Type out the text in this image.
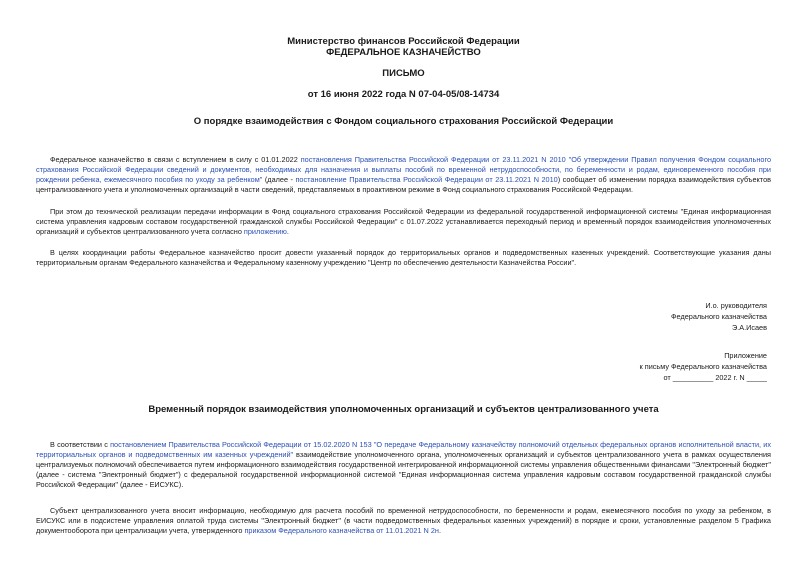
Министерство финансов Российской Федерации
ФЕДЕРАЛЬНОЕ КАЗНАЧЕЙСТВО
ПИСЬМО
от 16 июня 2022 года N 07-04-05/08-14734
О порядке взаимодействия с Фондом социального страхования Российской Федерации
Федеральное казначейство в связи с вступлением в силу с 01.01.2022 постановления Правительства Российской Федерации от 23.11.2021 N 2010 "Об утверждении Правил получения Фондом социального страхования Российской Федерации сведений и документов, необходимых для назначения и выплаты пособий по временной нетрудоспособности, по беременности и родам, единовременного пособия при рождении ребенка, ежемесячного пособия по уходу за ребенком" (далее - постановление Правительства Российской Федерации от 23.11.2021 N 2010) сообщает об изменении порядка взаимодействия субъектов централизованного учета и уполномоченных организаций в части сведений, представляемых в проактивном режиме в Фонд социального страхования Российской Федерации.
При этом до технической реализации передачи информации в Фонд социального страхования Российской Федерации из федеральной государственной информационной системы "Единая информационная система управления кадровым составом государственной гражданской службы Российской Федерации" с 01.07.2022 устанавливается переходный период и временный порядок взаимодействия уполномоченных организаций и субъектов централизованного учета согласно приложению.
В целях координации работы Федеральное казначейство просит довести указанный порядок до территориальных органов и подведомственных казенных учреждений. Соответствующие указания даны территориальным органам Федерального казначейства и Федеральному казенному учреждению "Центр по обеспечению деятельности Казначейства России".
И.о. руководителя
Федерального казначейства
Э.А.Исаев
Приложение
к письму Федерального казначейства
от __________ 2022 г. N _____
Временный порядок взаимодействия уполномоченных организаций и субъектов централизованного учета
В соответствии с постановлением Правительства Российской Федерации от 15.02.2020 N 153 "О передаче Федеральному казначейству полномочий отдельных федеральных органов исполнительной власти, их территориальных органов и подведомственных им казенных учреждений" взаимодействие уполномоченного органа, уполномоченных организаций и субъектов централизованного учета в рамках осуществления централизуемых полномочий обеспечивается путем информационного взаимодействия государственной интегрированной информационной системы управления общественными финансами "Электронный бюджет" (далее - система "Электронный бюджет") с федеральной государственной информационной системой "Единая информационная система управления кадровым составом государственной гражданской службы Российской Федерации" (далее - ЕИСУКС).
Субъект централизованного учета вносит информацию, необходимую для расчета пособий по временной нетрудоспособности, по беременности и родам, ежемесячного пособия по уходу за ребенком, в ЕИСУКС или в подсистеме управления оплатой труда системы "Электронный бюджет" (в части подведомственных федеральных казенных учреждений) в порядке и сроки, установленные разделом 5 Графика документооборота при централизации учета, утвержденного приказом Федерального казначейства от 11.01.2021 N 2н.
